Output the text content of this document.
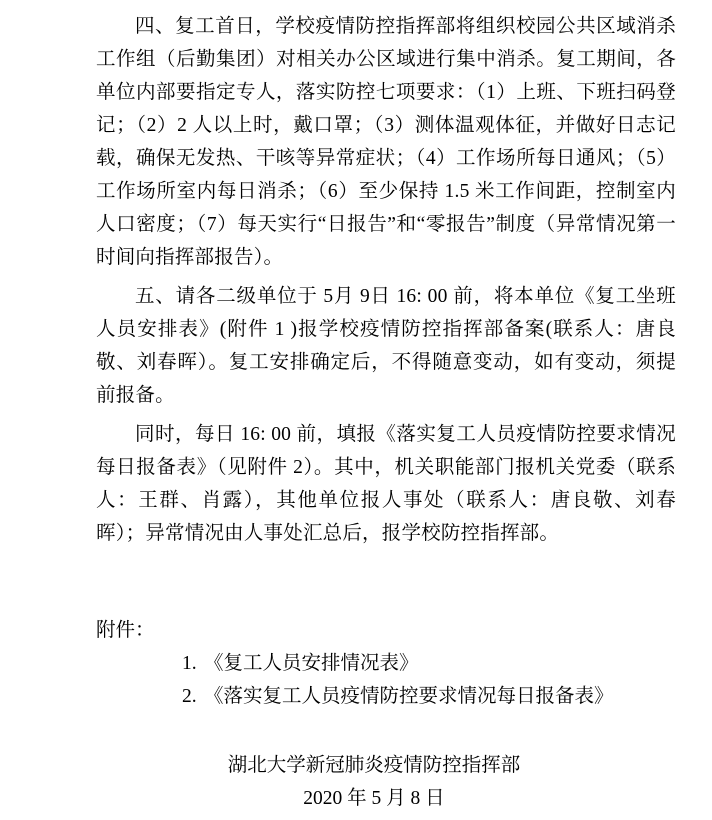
四、复工首日，学校疫情防控指挥部将组织校园公共区域消杀工作组（后勤集团）对相关办公区域进行集中消杀。复工期间，各单位内部要指定专人，落实防控七项要求：（1）上班、下班扫码登记；（2）2 人以上时，戴口罩；（3）测体温观体征，并做好日志记载，确保无发热、干咳等异常症状；（4）工作场所每日通风；（5）工作场所室内每日消杀；（6）至少保持 1.5 米工作间距，控制室内人口密度；（7）每天实行“日报告”和“零报告”制度（异常情况第一时间向指挥部报告）。

五、请各二级单位于 5月 9日 16: 00 前，将本单位《复工坐班人员安排表》(附件 1 )报学校疫情防控指挥部备案(联系人：唐良敬、刘春晖）。复工安排确定后，不得随意变动，如有变动，须提前报备。

同时，每日 16: 00 前，填报《落实复工人员疫情防控要求情况每日报备表》（见附件 2）。其中，机关职能部门报机关党委（联系人：王群、肖露），其他单位报人事处（联系人：唐良敬、刘春晖）；异常情况由人事处汇总后，报学校防控指挥部。

附件：

1. 《复工人员安排情况表》
2. 《落实复工人员疫情防控要求情况每日报备表》
湖北大学新冠肺炎疫情防控指挥部
2020 年 5 月 8 日
